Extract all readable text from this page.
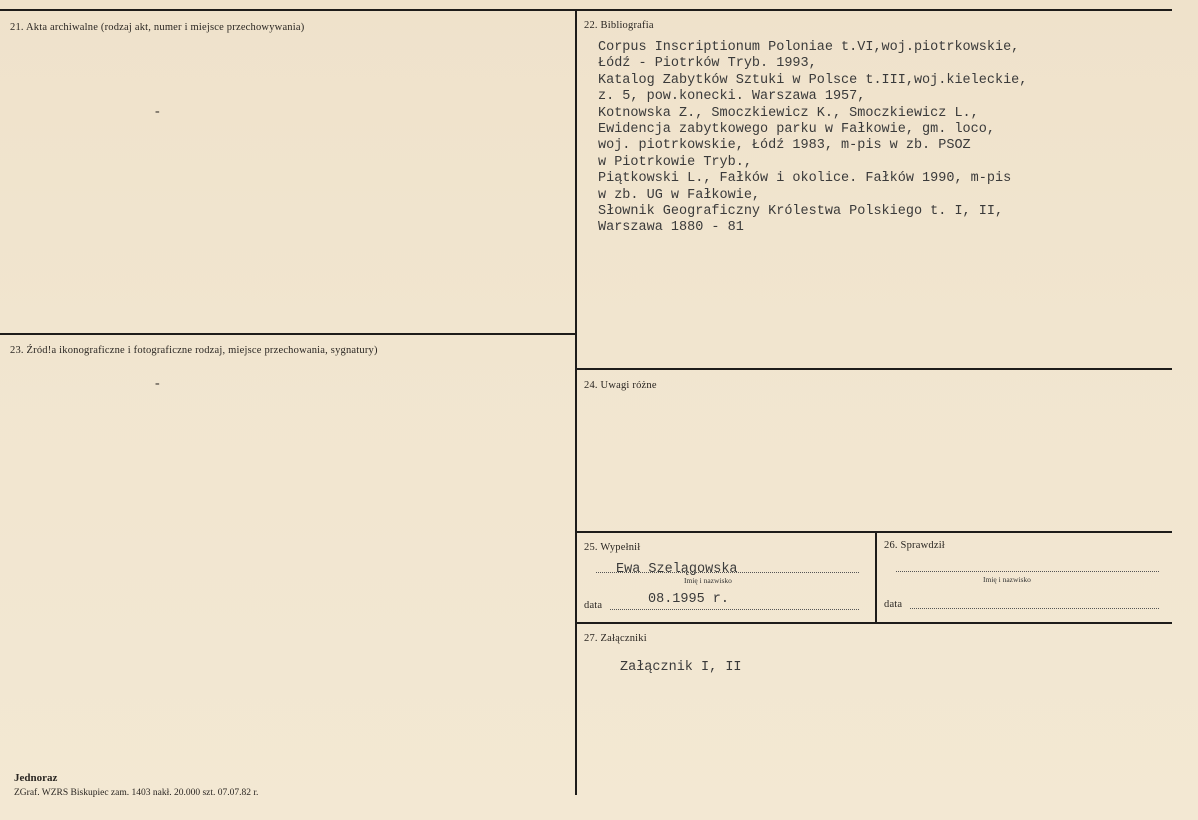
21. Akta archiwalne (rodzaj akt, numer i miejsce przechowywania)
-
22. Bibliografia
Corpus Inscriptionum Poloniae t.VI,woj.piotrkowskie,
Łódź - Piotrków Tryb. 1993,
Katalog Zabytków Sztuki w Polsce t.III,woj.kieleckie,
z. 5, pow.konecki. Warszawa 1957,
Kotnowska Z., Smoczkiewicz K., Smoczkiewicz L.,
Ewidencja zabytkowego parku w Fałkowie, gm. loco,
woj. piotrkowskie, Łódź 1983, m-pis w zb. PSOZ
w Piotrkowie Tryb.,
Piątkowski L., Fałków i okolice. Fałków 1990, m-pis
w zb. UG w Fałkowie,
Słownik Geograficzny Królestwa Polskiego t. I, II,
Warszawa 1880 - 81
23. Źród!a ikonograficzne i fotograficzne rodzaj, miejsce przechowania, sygnatury)
-	24. Uwagi różne
25. Wypełnił
Ewa Szelągowska
Imię i nazwisko
data	08.1995 r.
26. Sprawdził
Imię i nazwisko
data
27. Załączniki
Załącznik I, II
Jednoraz
ZGraf. WZRS Biskupiec zam. 1403 nakł. 20.000 szt. 07.07.82 r.
